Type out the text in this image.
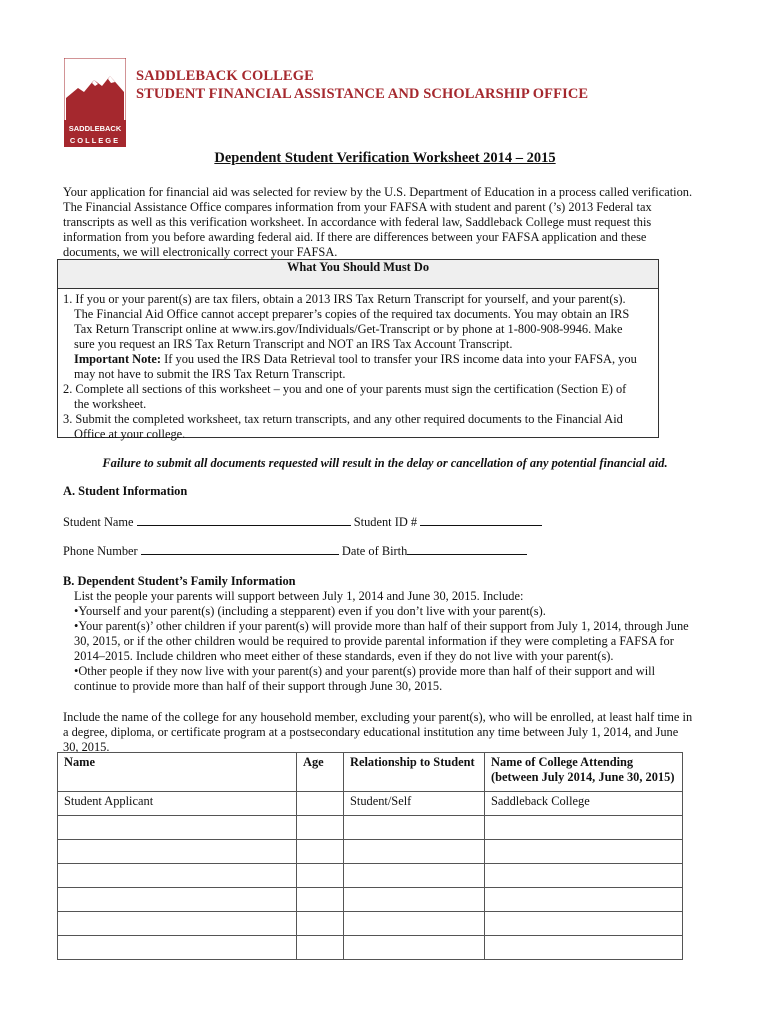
SADDLEBACK
COLLEGE
SADDLEBACK COLLEGE
STUDENT FINANCIAL ASSISTANCE AND SCHOLARSHIP OFFICE
Dependent Student Verification Worksheet 2014 – 2015
Your application for financial aid was selected for review by the U.S. Department of Education in a process called verification.
The Financial Assistance Office compares information from your FAFSA with student and parent (’s) 2013 Federal tax
transcripts as well as this verification worksheet. In accordance with federal law, Saddleback College must request this
information from you before awarding federal aid. If there are differences between your FAFSA application and these
documents, we will electronically correct your FAFSA.
What You Should Must Do
1. If you or your parent(s) are tax filers, obtain a 2013 IRS Tax Return Transcript for yourself, and your parent(s).
The Financial Aid Office cannot accept preparer’s copies of the required tax documents. You may obtain an IRS
Tax Return Transcript online at www.irs.gov/Individuals/Get-Transcript or by phone at 1-800-908-9946. Make
sure you request an IRS Tax Return Transcript and NOT an IRS Tax Account Transcript.
Important Note: If you used the IRS Data Retrieval tool to transfer your IRS income data into your FAFSA, you
may not have to submit the IRS Tax Return Transcript.
2. Complete all sections of this worksheet – you and one of your parents must sign the certification (Section E) of
the worksheet.
3. Submit the completed worksheet, tax return transcripts, and any other required documents to the Financial Aid
Office at your college.
Failure to submit all documents requested will result in the delay or cancellation of any potential financial aid.
A. Student Information
Student Name	Student ID #
Phone Number	Date of Birth
B. Dependent Student’s Family Information
List the people your parents will support between July 1, 2014 and June 30, 2015. Include:
•Yourself and your parent(s) (including a stepparent) even if you don’t live with your parent(s).
•Your parent(s)’ other children if your parent(s) will provide more than half of their support from July 1, 2014, through June
30, 2015, or if the other children would be required to provide parental information if they were completing a FAFSA for
2014–2015. Include children who meet either of these standards, even if they do not live with your parent(s).
•Other people if they now live with your parent(s) and your parent(s) provide more than half of their support and will
continue to provide more than half of their support through June 30, 2015.
Include the name of the college for any household member, excluding your parent(s), who will be enrolled, at least half time in
a degree, diploma, or certificate program at a postsecondary educational institution any time between July 1, 2014, and June
30, 2015.
Name	Age	Relationship to Student	Name of College Attending
(between July 2014, June 30, 2015)

Student Applicant		Student/Self	Saddleback College
